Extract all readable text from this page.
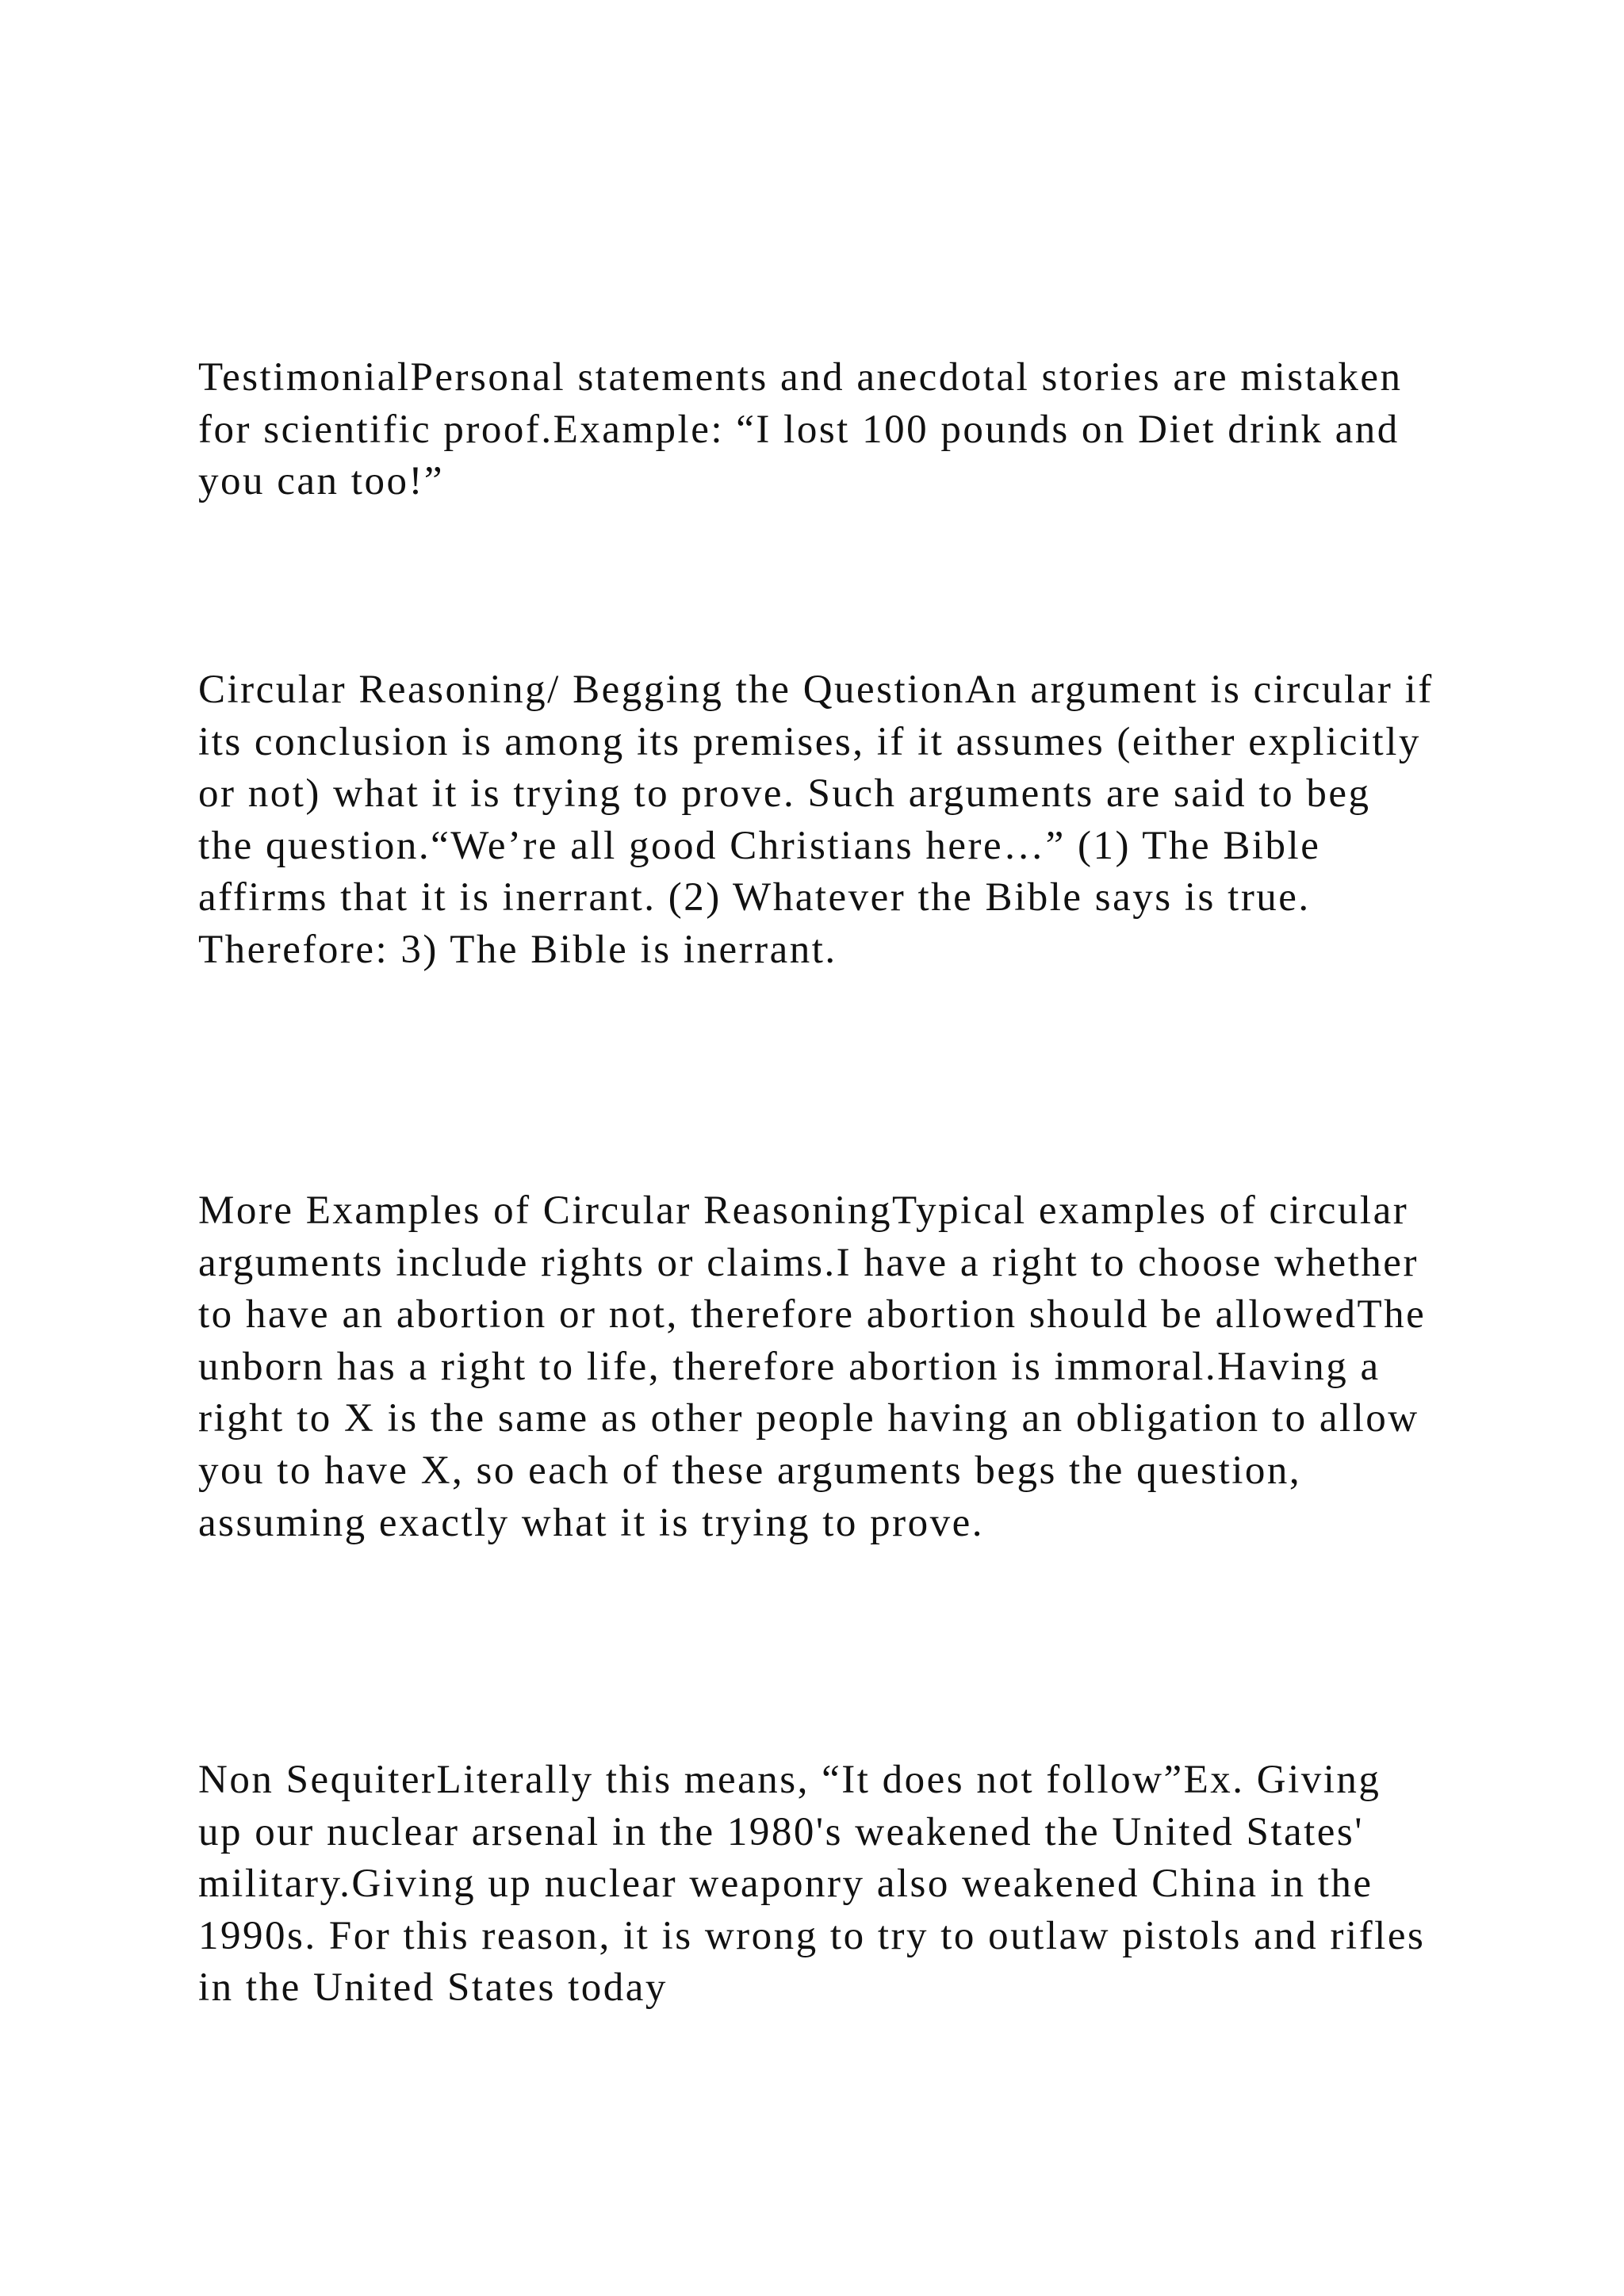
TestimonialPersonal statements and anecdotal stories are mistaken for scientific proof.Example: “I lost 100 pounds on Diet drink and you can too!”

Circular Reasoning/ Begging the QuestionAn argument is circular if its conclusion is among its premises, if it assumes (either explicitly or not) what it is trying to prove. Such arguments are said to beg the question.“We’re all good Christians here…” (1) The Bible affirms that it is inerrant. (2) Whatever the Bible says is true. Therefore: 3) The Bible is inerrant.

More Examples of Circular ReasoningTypical examples of circular arguments include rights or claims.I have a right to choose whether to have an abortion or not, therefore abortion should be allowedThe unborn has a right to life, therefore abortion is immoral.Having a right to X is the same as other people having an obligation to allow you to have X, so each of these arguments begs the question, assuming exactly what it is trying to prove.

Non SequiterLiterally this means, “It does not follow”Ex. Giving up our nuclear arsenal in the 1980's weakened the United States' military.Giving up nuclear weaponry also weakened China in the 1990s. For this reason, it is wrong to try to outlaw pistols and rifles in the United States today
